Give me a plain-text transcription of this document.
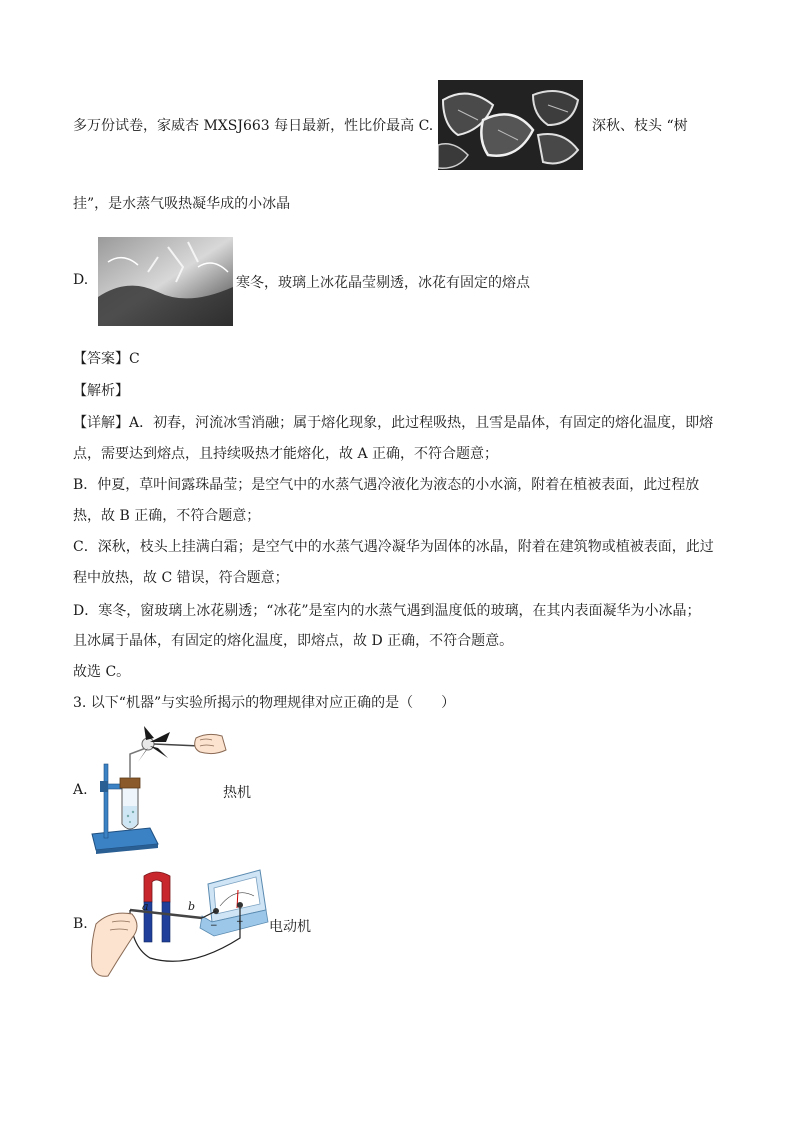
多万份试卷，家威杏 MXSJ663 每日最新，性比价最高 C.	深秋、枝头 “树
挂”，是水蒸气吸热凝华成的小冰晶
D.	寒冬，玻璃上冰花晶莹剔透，冰花有固定的熔点
【答案】C
【解析】
【详解】A．初春，河流冰雪消融；属于熔化现象，此过程吸热，且雪是晶体，有固定的熔化温度，即熔
点，需要达到熔点，且持续吸热才能熔化，故 A 正确，不符合题意；
B．仲夏，草叶间露珠晶莹；是空气中的水蒸气遇冷液化为液态的小水滴，附着在植被表面，此过程放
热，故 B 正确，不符合题意；
C．深秋，枝头上挂满白霜；是空气中的水蒸气遇冷凝华为固体的冰晶，附着在建筑物或植被表面，此过
程中放热，故 C 错误，符合题意；
D．寒冬，窗玻璃上冰花剔透；“冰花”是室内的水蒸气遇到温度低的玻璃，在其内表面凝华为小冰晶；
且冰属于晶体，有固定的熔化温度，即熔点，故 D 正确，不符合题意。
故选 C。
3. 以下“机器”与实验所揭示的物理规律对应正确的是（　　）
A.	热机
B.
a	b
− + 电动机
